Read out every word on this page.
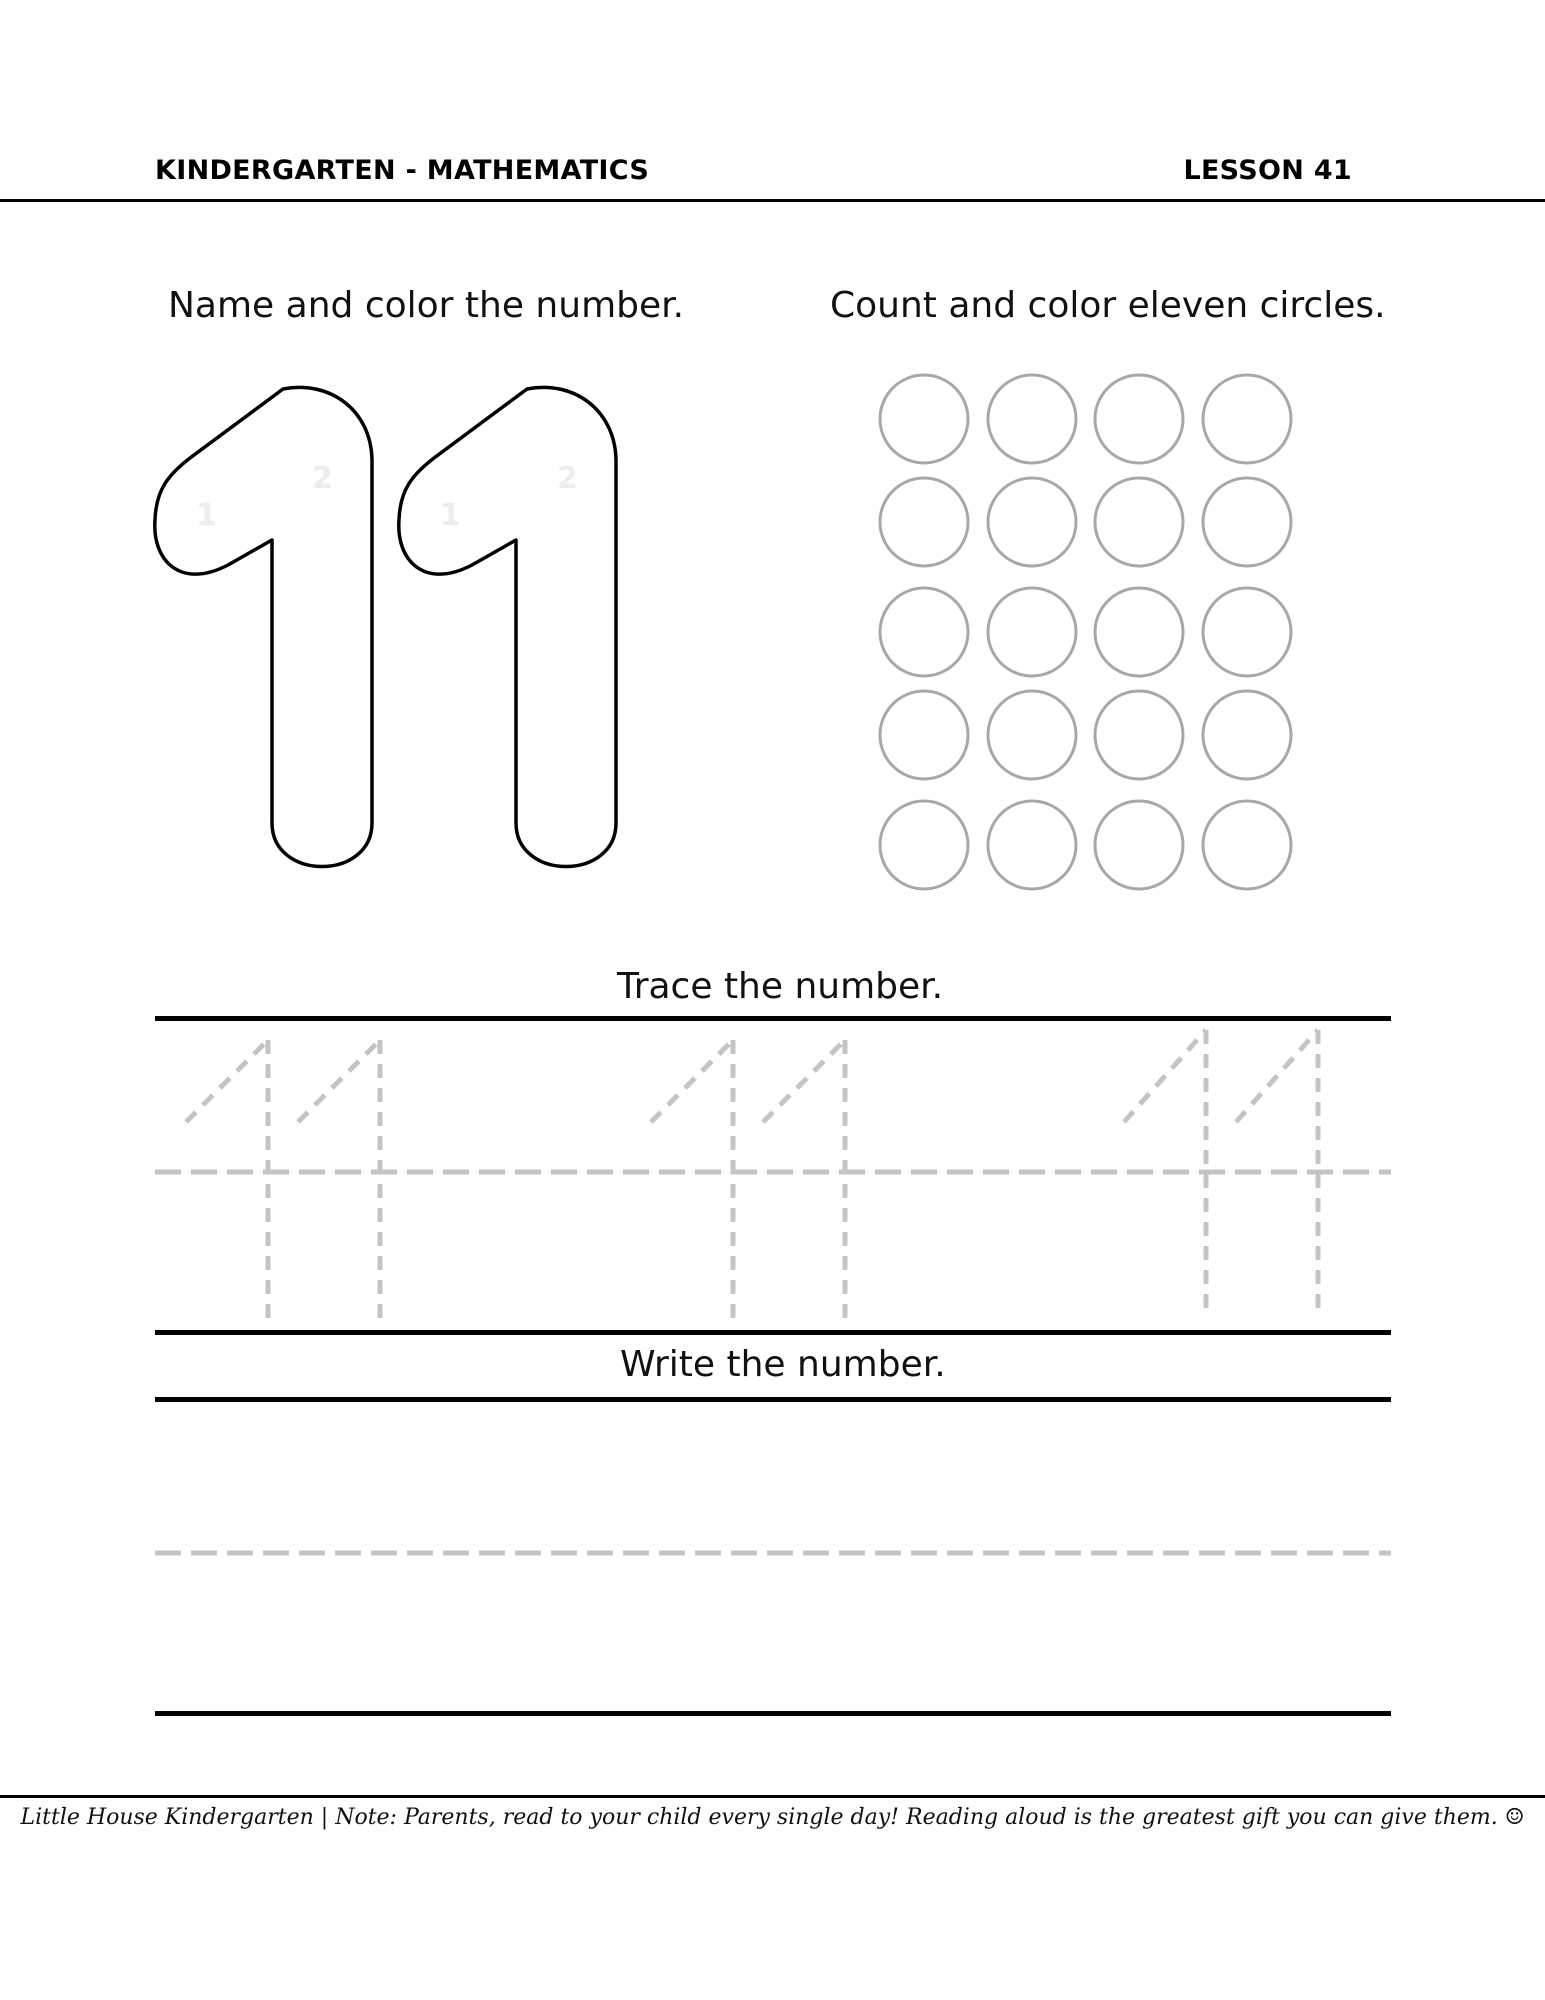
KINDERGARTEN - MATHEMATICS	LESSON 41
Name and color the number.
1
2
1
2
Count and color eleven circles.
Trace the number.
Write the number.
Little House Kindergarten | Note: Parents, read to your child every single day! Reading aloud is the greatest gift you can give them. ☺
